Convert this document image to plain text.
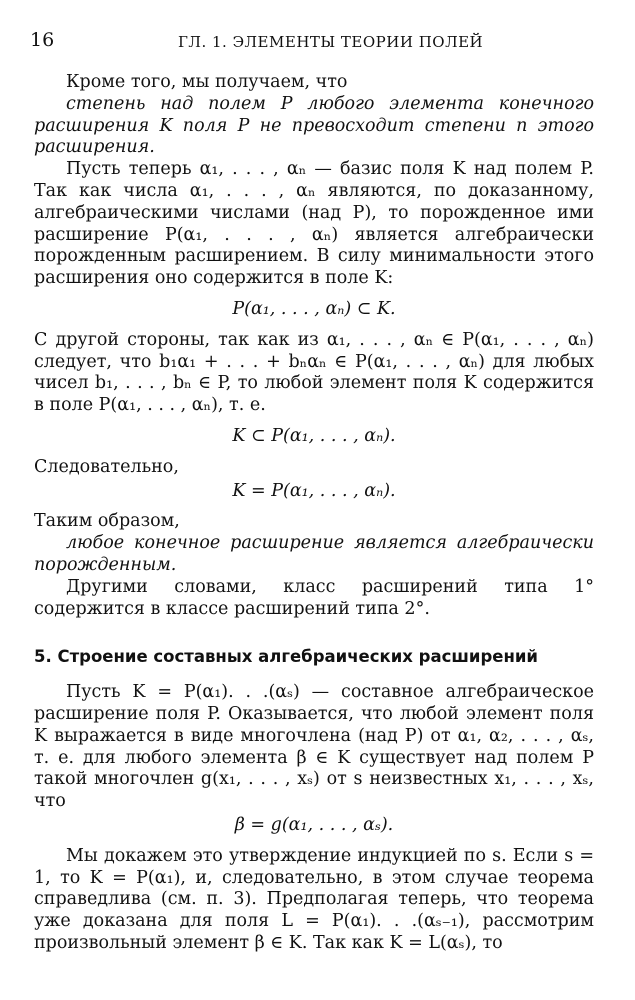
16	ГЛ. 1. ЭЛЕМЕНТЫ ТЕОРИИ ПОЛЕЙ

Кроме того, мы получаем, что

степень над полем P любого элемента конечного расширения K поля P не превосходит степени n этого расширения.

Пусть теперь α₁, . . . , αₙ — базис поля K над полем P. Так как числа α₁, . . . , αₙ являются, по доказанному, алгебраическими числами (над P), то порожденное ими расширение P(α₁, . . . , αₙ) является алгебраически порожденным расширением. В силу минимальности этого расширения оно содержится в поле K:

P(α₁, . . . , αₙ) ⊂ K.

С другой стороны, так как из α₁, . . . , αₙ ∈ P(α₁, . . . , αₙ) следует, что b₁α₁ + . . . + bₙαₙ ∈ P(α₁, . . . , αₙ) для любых чисел b₁, . . . , bₙ ∈ P, то любой элемент поля K содержится в поле P(α₁, . . . , αₙ), т. е.

K ⊂ P(α₁, . . . , αₙ).

Следовательно,

K = P(α₁, . . . , αₙ).

Таким образом,

любое конечное расширение является алгебраически порожденным.

Другими словами, класс расширений типа 1° содержится в классе расширений типа 2°.

5. Строение составных алгебраических расширений

Пусть K = P(α₁). . .(αₛ) — составное алгебраическое расширение поля P. Оказывается, что любой элемент поля K выражается в виде многочлена (над P) от α₁, α₂, . . . , αₛ, т. е. для любого элемента β ∈ K существует над полем P такой многочлен g(x₁, . . . , xₛ) от s неизвестных x₁, . . . , xₛ, что

β = g(α₁, . . . , αₛ).

Мы докажем это утверждение индукцией по s. Если s = 1, то K = P(α₁), и, следовательно, в этом случае теорема справедлива (см. п. 3). Предполагая теперь, что теорема уже доказана для поля L = P(α₁). . .(αₛ₋₁), рассмотрим произвольный элемент β ∈ K. Так как K = L(αₛ), то
